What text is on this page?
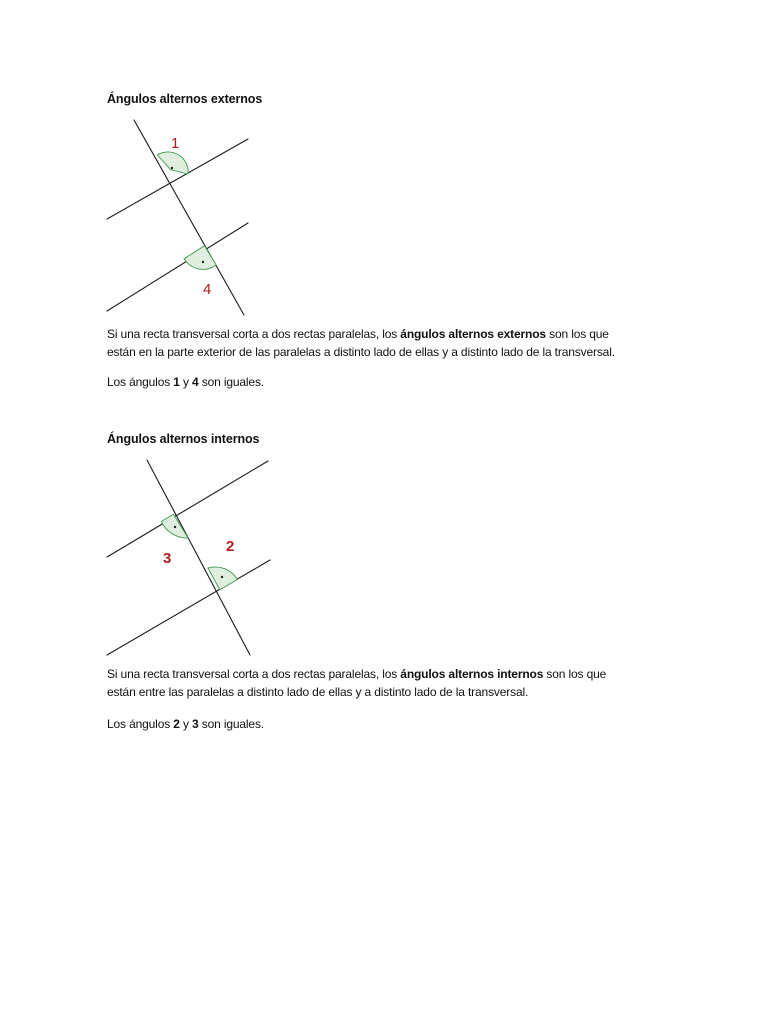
Ángulos alternos externos
1
4
Si una recta transversal corta a dos rectas paralelas, los ángulos alternos externos son los que
están en la parte exterior de las paralelas a distinto lado de ellas y a distinto lado de la transversal.
Los ángulos 1 y 4 son iguales.
Ángulos alternos internos
3
2
Si una recta transversal corta a dos rectas paralelas, los ángulos alternos internos son los que
están entre las paralelas a distinto lado de ellas y a distinto lado de la transversal.
Los ángulos 2 y 3 son iguales.
